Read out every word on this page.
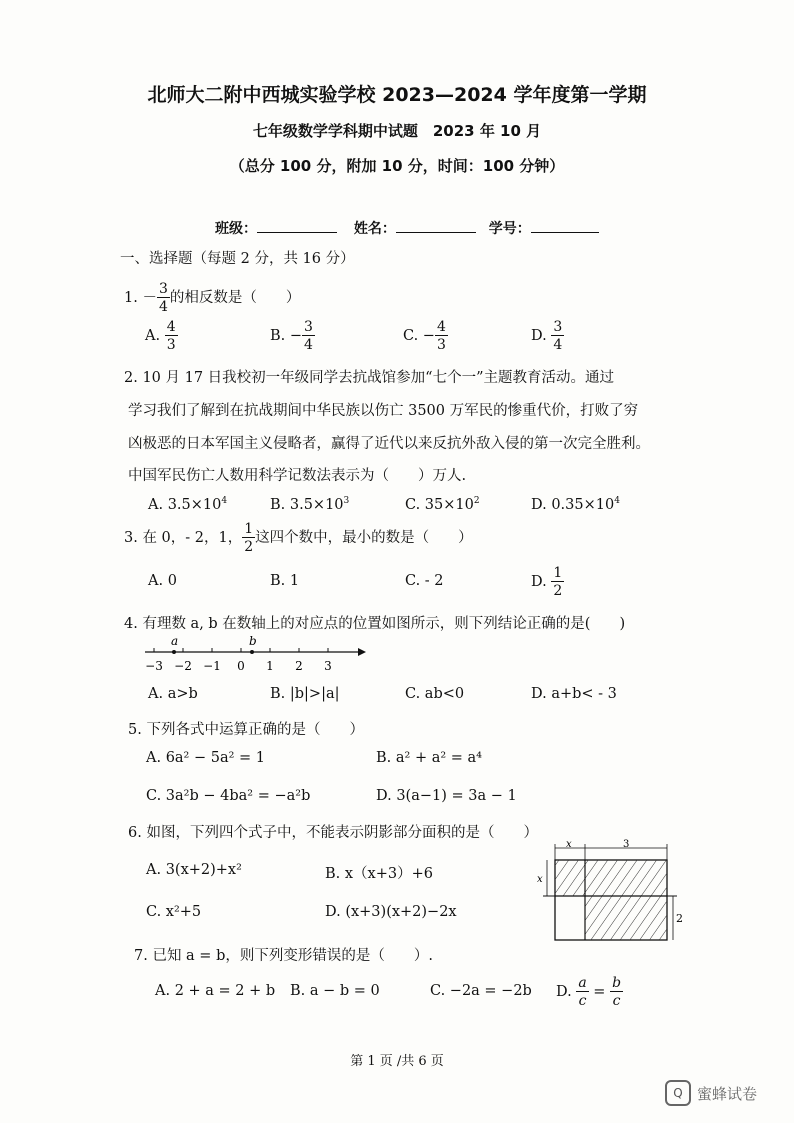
北师大二附中西城实验学校 2023—2024 学年度第一学期
七年级数学学科期中试题　2023 年 10 月
（总分 100 分，附加 10 分，时间：100 分钟）
班级：	姓名：	学号：
一、选择题（每题 2 分，共 16 分）
1. － $\frac{3}{4}$ 的相反数是（　　）
A. $\frac{4}{3}$	B. − $\frac{3}{4}$	C. − $\frac{4}{3}$	D. $\frac{3}{4}$
2. 10 月 17 日我校初一年级同学去抗战馆参加“七个一”主题教育活动。通过
学习我们了解到在抗战期间中华民族以伤亡 3500 万军民的惨重代价，打败了穷
凶极恶的日本军国主义侵略者，赢得了近代以来反抗外敌入侵的第一次完全胜利。
中国军民伤亡人数用科学记数法表示为（　　）万人.
A. $3.5\times 10^4$	B. $3.5\times 10^3$	C. $35\times 10^2$	D. $0.35\times 10^4$
3. 在 0，- 2，1， $\frac{1}{2}$ 这四个数中，最小的数是（　　）
A. 0	B. 1	C. - 2	D. $\frac{1}{2}$
4. 有理数 a, b 在数轴上的对应点的位置如图所示，则下列结论正确的是(　　)
−3 −2 −1 0 1 2 3
a	b
A. a>b	B. |b|>|a|	C. ab<0	D. a+b< - 3
5. 下列各式中运算正确的是（　　）
A. 6a² − 5a² = 1	B. a² + a² = a⁴
C. 3a²b − 4ba² = −a²b	D. 3(a−1) = 3a − 1
6. 如图，下列四个式子中，不能表示阴影部分面积的是（　　）
A. 3(x+2)+x²	B. x（x+3）+6
C. x²+5	D. (x+3)(x+2)−2x
x	3
x
2
7. 已知 a = b，则下列变形错误的是（　　）.
A. 2 + a = 2 + b B. a − b = 0	C. −2a = −2b D. $\frac{a}{c} = \frac{b}{c}$
第 1 页 /共 6 页
Q 蜜蜂试卷
